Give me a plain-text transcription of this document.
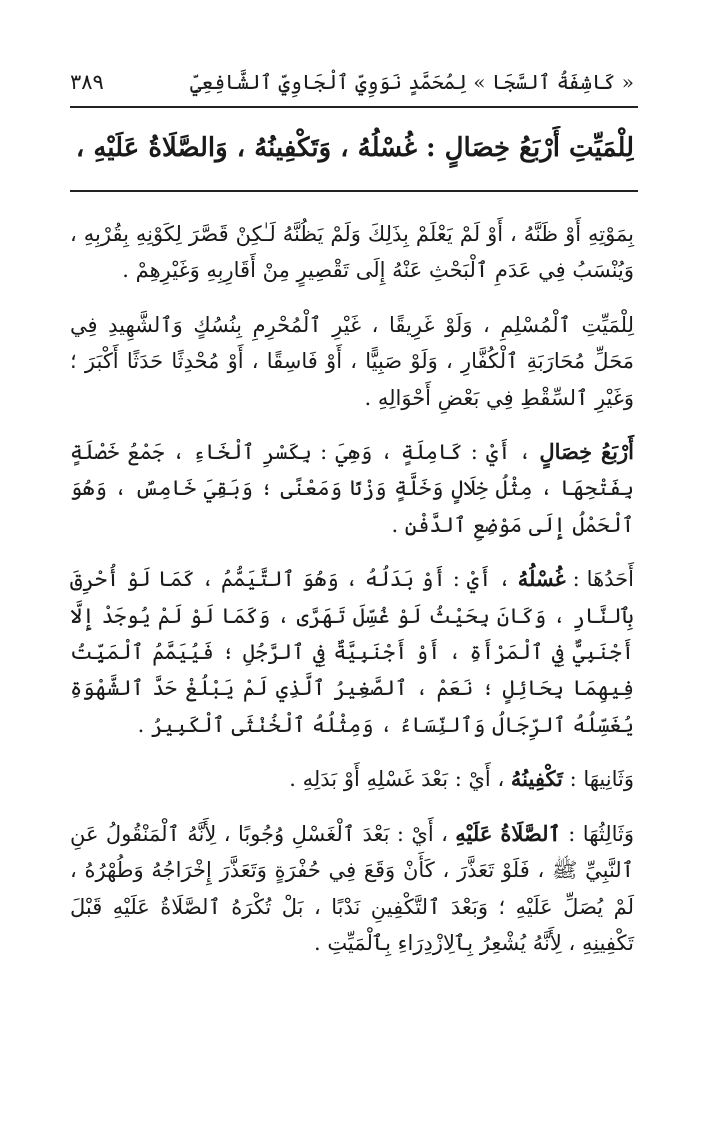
« كَاشِفَةُ ٱلسَّجَا » لِمُحَمَّدٍ نَوَوِيِّ ٱلْجَاوِيِّ ٱلشَّافِعِيِّ
٣٨٩
لِلْمَيِّتِ أَرْبَعُ خِصَالٍ : غُسْلُهُ ، وَتَكْفِينُهُ ، وَالصَّلَاةُ عَلَيْهِ ،

بِمَوْتِهِ أَوْ ظَنَّهُ ، أَوْ لَمْ يَعْلَمْ بِذَلِكَ وَلَمْ يَظُنَّهُ لَـٰكِنْ قَصَّرَ لِكَوْنِهِ بِقُرْبِهِ ، وَيُنْسَبُ فِي عَدَمِ ٱلْبَحْثِ عَنْهُ إِلَى تَقْصِيرٍ مِنْ أَقَارِبِهِ وَغَيْرِهِمْ .

لِلْمَيِّتِ ٱلْمُسْلِمِ ، وَلَوْ غَرِيقًا ، غَيْرِ ٱلْمُحْرِمِ بِنُسُكٍ وَٱلشَّهِيدِ فِي مَحَلِّ مُحَارَبَةِ ٱلْكُفَّارِ ، وَلَوْ صَبِيًّا ، أَوْ فَاسِقًا ، أَوْ مُحْدِثًا حَدَثًا أَكْبَرَ ؛ وَغَيْرِ ٱلسِّقْطِ فِي بَعْضِ أَحْوَالِهِ .

أَرْبَعُ خِصَالٍ ، أَيْ : كَامِلَةٍ ، وَهِيَ : بِكَسْرِ ٱلْخَاءِ ، جَمْعُ خَصْلَةٍ بِفَتْحِهَا ، مِثْلُ خِلَالٍ وَخَلَّةٍ وَزْنًا وَمَعْنًى ؛ وَبَقِيَ خَامِسٌ ، وَهُوَ ٱلْحَمْلُ إِلَى مَوْضِعِ ٱلدَّفْنِ .

أَحَدُهَا : غُسْلُهُ ، أَيْ : أَوْ بَدَلُهُ ، وَهُوَ ٱلتَّيَمُّمُ ، كَمَا لَوْ أُحْرِقَ بِٱلنَّارِ ، وَكَانَ بِحَيْثُ لَوْ غُسِّلَ تَهَرَّى ، وَكَمَا لَوْ لَمْ يُوجَدْ إِلَّا أَجْنَبِيٌّ فِي ٱلْمَرْأَةِ ، أَوْ أَجْنَبِيَّةٌ فِي ٱلرَّجُلِ ؛ فَيُيَمَّمُ ٱلْمَيِّتُ فِيهِمَا بِحَائِلٍ ؛ نَعَمْ ، ٱلصَّغِيرُ ٱلَّذِي لَمْ يَبْلُغْ حَدَّ ٱلشَّهْوَةِ يُغَسِّلُهُ ٱلرِّجَالُ وَٱلنِّسَاءُ ، وَمِثْلُهُ ٱلْخُنْثَى ٱلْكَبِيرُ .

وَثَانِيهَا : تَكْفِينُهُ ، أَيْ : بَعْدَ غَسْلِهِ أَوْ بَدَلِهِ .

وَثَالِثُهَا : ٱلصَّلَاةُ عَلَيْهِ ، أَيْ : بَعْدَ ٱلْغَسْلِ وُجُوبًا ، لِأَنَّهُ ٱلْمَنْقُولُ عَنِ ٱلنَّبِيِّ ﷺ ، فَلَوْ تَعَذَّرَ ، كَأَنْ وَقَعَ فِي حُفْرَةٍ وَتَعَذَّرَ إِخْرَاجُهُ وَطُهْرُهُ ، لَمْ يُصَلِّ عَلَيْهِ ؛ وَبَعْدَ ٱلتَّكْفِينِ نَدْبًا ، بَلْ تُكْرَهُ ٱلصَّلَاةُ عَلَيْهِ قَبْلَ تَكْفِينِهِ ، لِأَنَّهُ يُشْعِرُ بِٱلِازْدِرَاءِ بِٱلْمَيِّتِ .
